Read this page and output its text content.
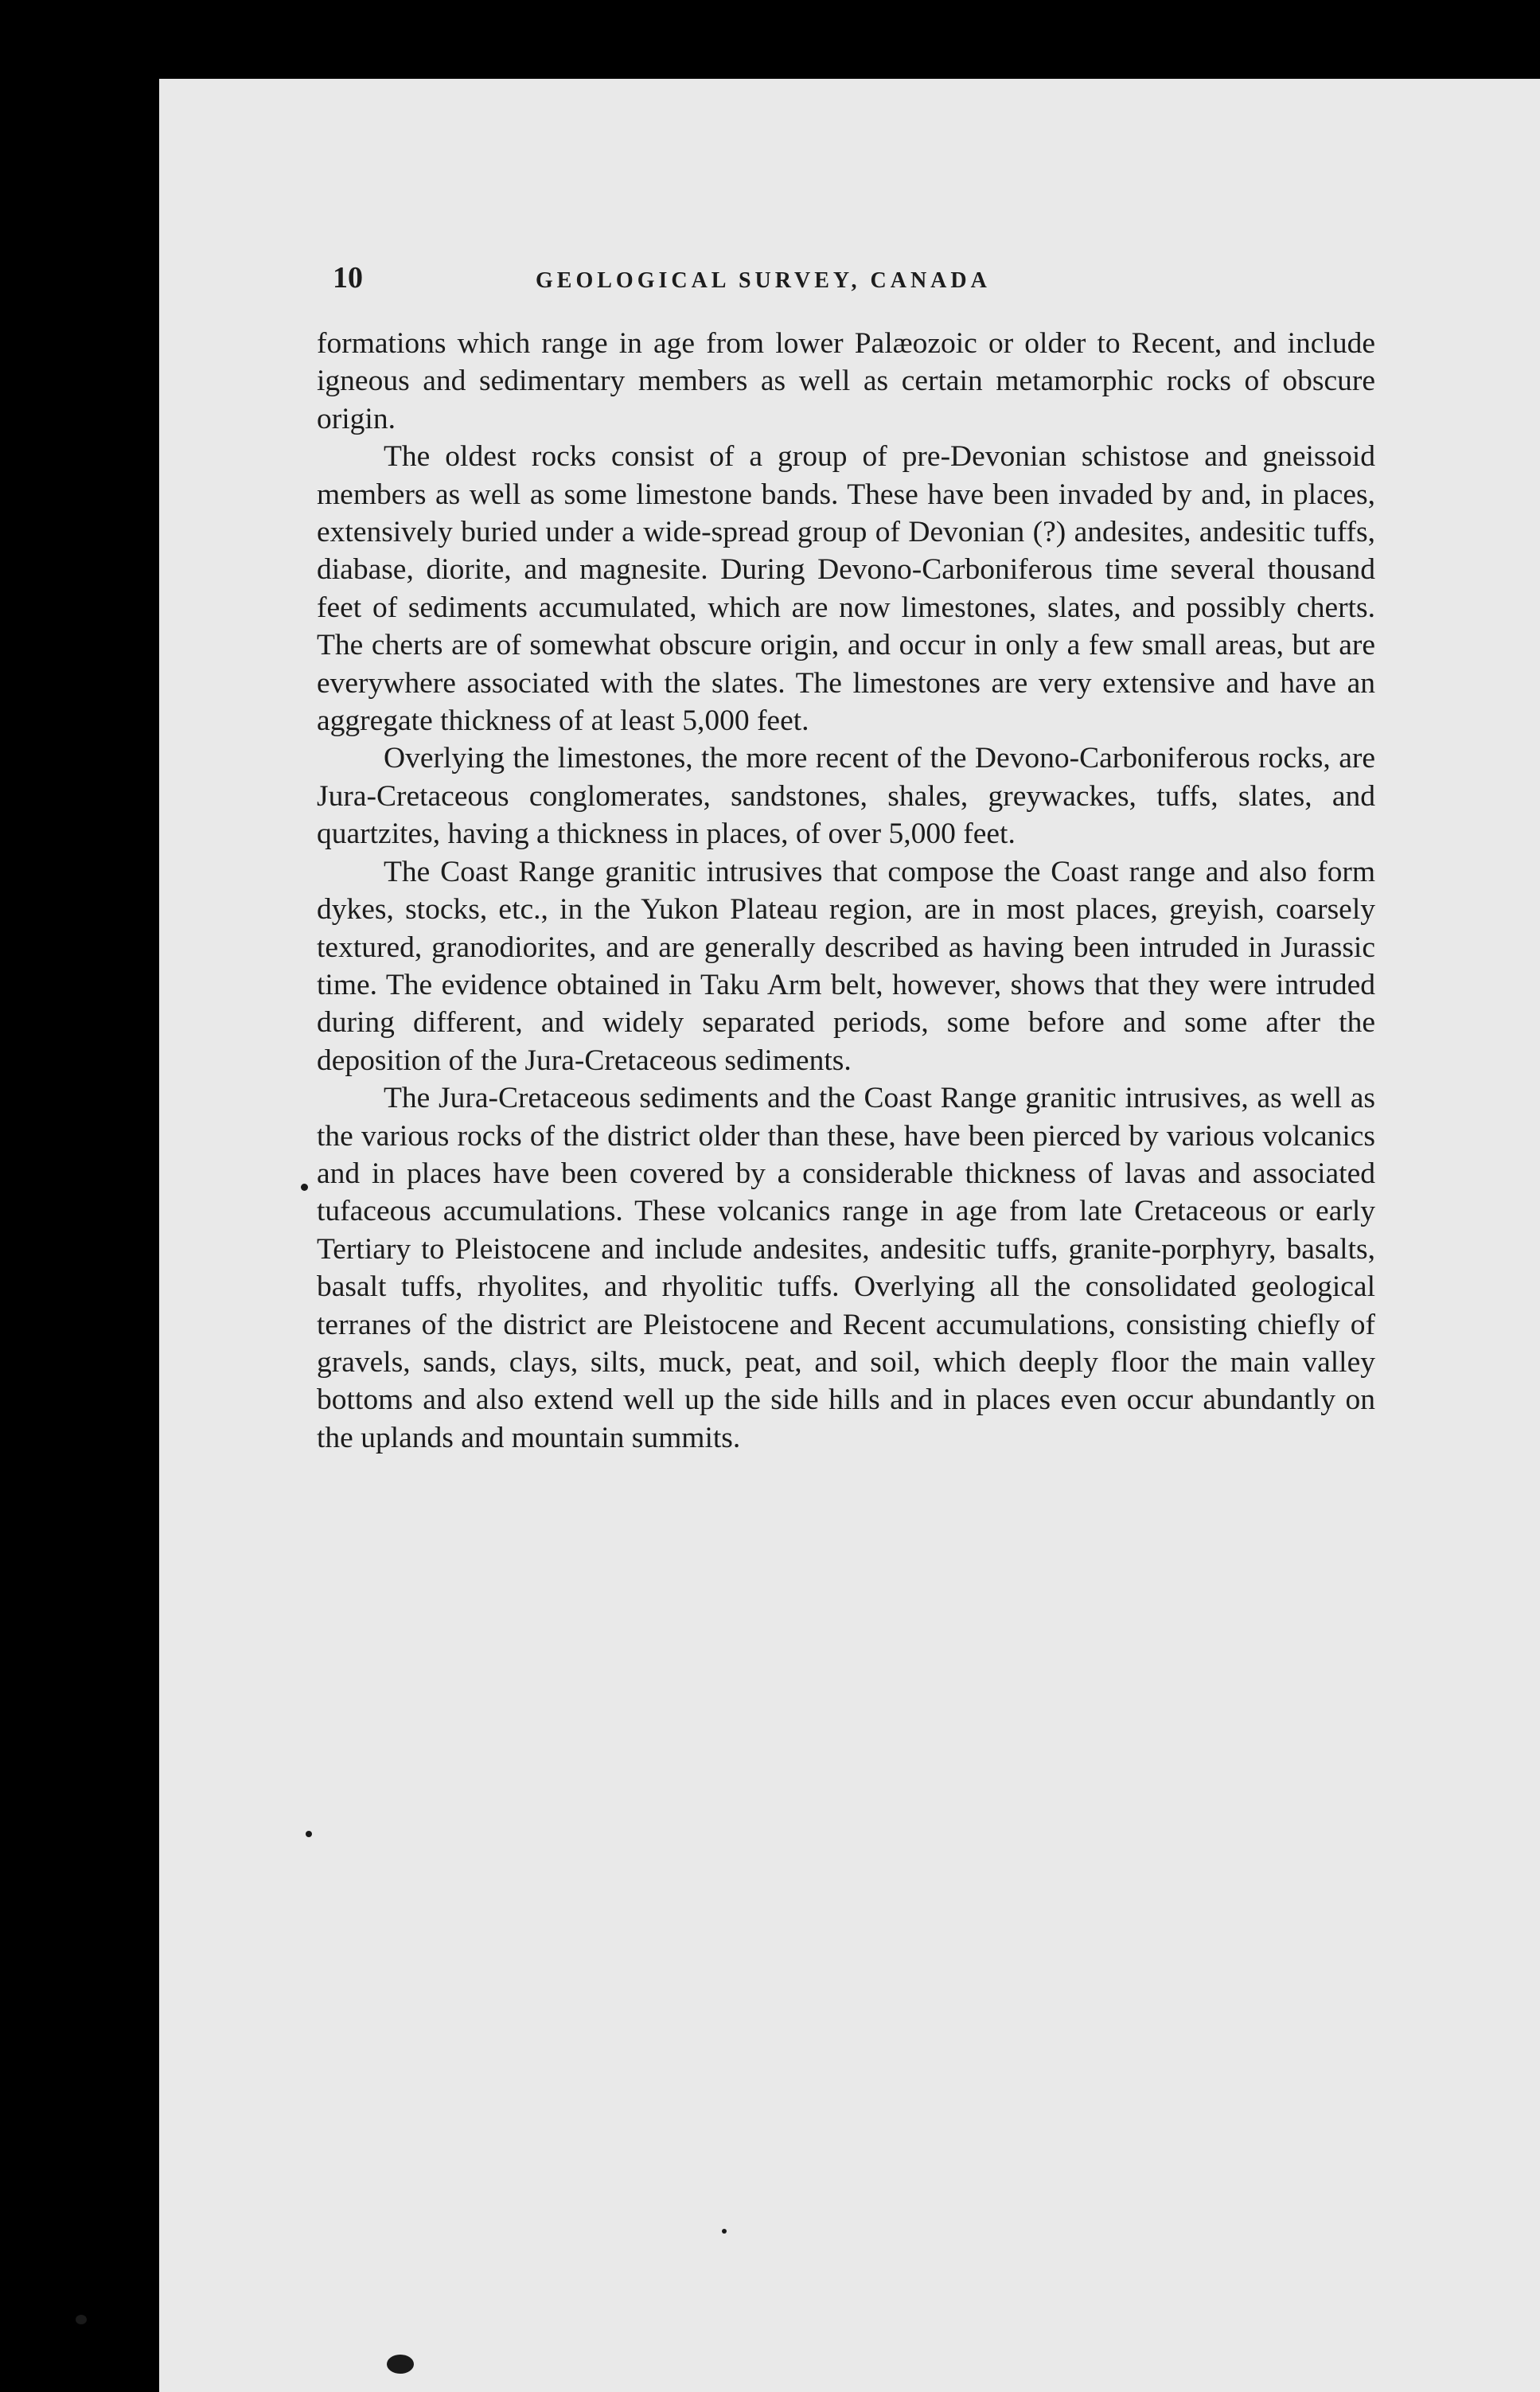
10	GEOLOGICAL SURVEY, CANADA

formations which range in age from lower Palæozoic or older to Recent, and include igneous and sedimentary members as well as certain metamorphic rocks of obscure origin.

The oldest rocks consist of a group of pre-Devonian schistose and gneissoid members as well as some limestone bands. These have been invaded by and, in places, extensively buried under a wide-spread group of Devonian (?) andesites, andesitic tuffs, diabase, diorite, and magnesite. During Devono-Carboniferous time several thousand feet of sediments accumulated, which are now limestones, slates, and possibly cherts. The cherts are of somewhat obscure origin, and occur in only a few small areas, but are everywhere associated with the slates. The limestones are very extensive and have an aggregate thickness of at least 5,000 feet.

Overlying the limestones, the more recent of the Devono-Carboniferous rocks, are Jura-Cretaceous conglomerates, sandstones, shales, greywackes, tuffs, slates, and quartzites, having a thickness in places, of over 5,000 feet.

The Coast Range granitic intrusives that compose the Coast range and also form dykes, stocks, etc., in the Yukon Plateau region, are in most places, greyish, coarsely textured, granodiorites, and are generally described as having been intruded in Jurassic time. The evidence obtained in Taku Arm belt, however, shows that they were intruded during different, and widely separated periods, some before and some after the deposition of the Jura-Cretaceous sediments.

The Jura-Cretaceous sediments and the Coast Range granitic intrusives, as well as the various rocks of the district older than these, have been pierced by various volcanics and in places have been covered by a considerable thickness of lavas and associated tufaceous accumulations. These volcanics range in age from late Cretaceous or early Tertiary to Pleistocene and include andesites, andesitic tuffs, granite-porphyry, basalts, basalt tuffs, rhyolites, and rhyolitic tuffs. Overlying all the consolidated geological terranes of the district are Pleistocene and Recent accumulations, consisting chiefly of gravels, sands, clays, silts, muck, peat, and soil, which deeply floor the main valley bottoms and also extend well up the side hills and in places even occur abundantly on the uplands and mountain summits.
